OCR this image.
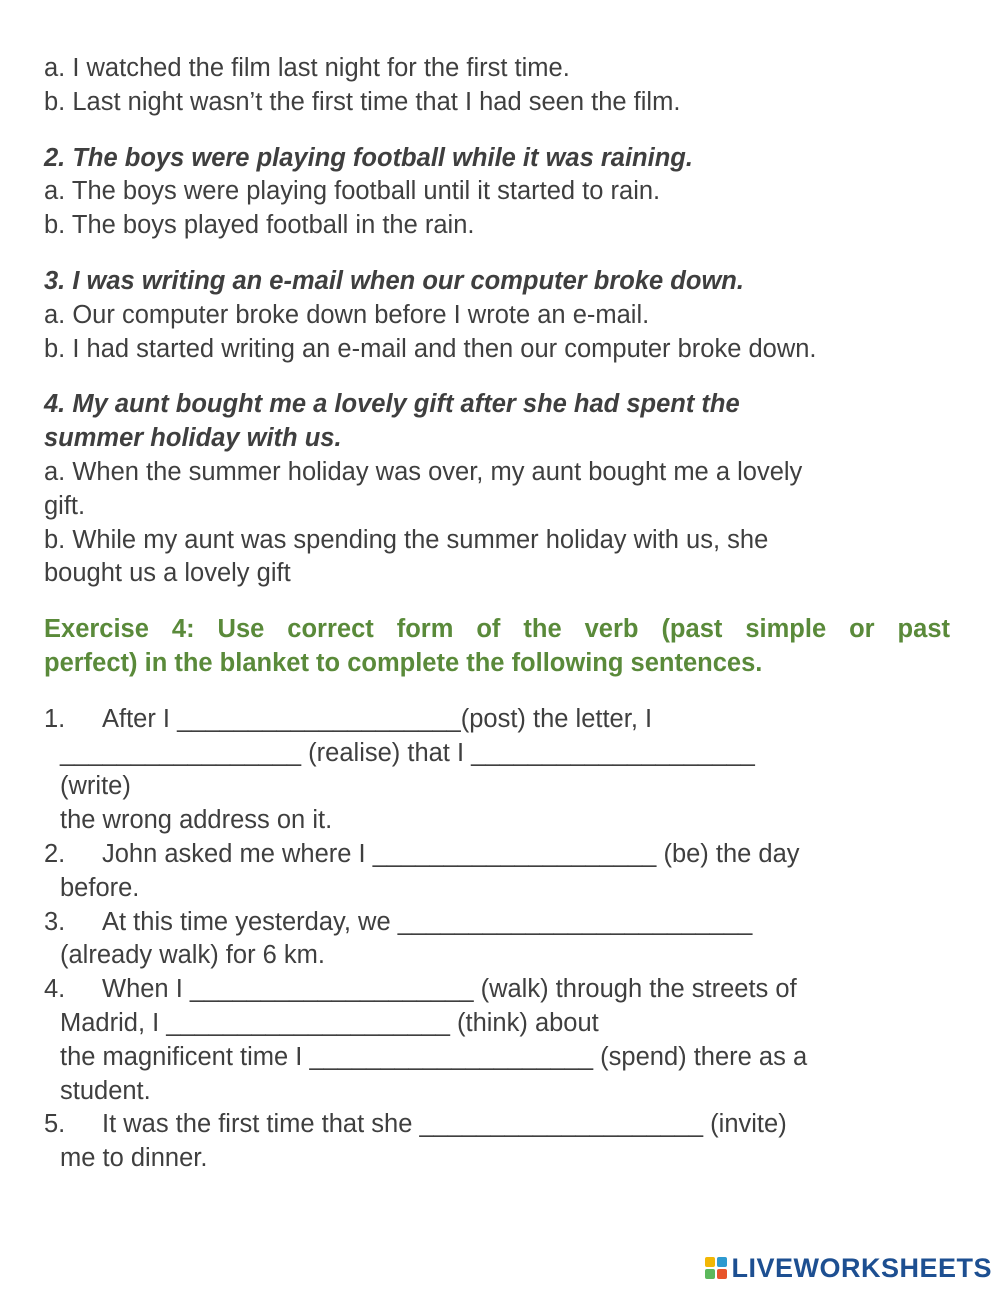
a. I watched the film last night for the first time.
b. Last night wasn’t the first time that I had seen the film.
2. The boys were playing football while it was raining.
a. The boys were playing football until it started to rain.
b. The boys played football in the rain.
3. I was writing an e-mail when our computer broke down.
a. Our computer broke down before I wrote an e-mail.
b. I had started writing an e-mail and then our computer broke down.
4. My aunt bought me a lovely gift after she had spent the
summer holiday with us.
a. When the summer holiday was over, my aunt bought me a lovely
gift.
b. While my aunt was spending the summer holiday with us, she
bought us a lovely gift
Exercise 4: Use correct form of the verb (past simple or past
perfect) in the blanket to complete the following sentences.
1. After I ____________________(post) the letter, I
_________________ (realise) that I ____________________
(write)
the wrong address on it.
2. John asked me where I ____________________ (be) the day
before.
3. At this time yesterday, we _________________________
(already walk) for 6 km.
4. When I ____________________ (walk) through the streets of
Madrid, I ____________________ (think) about
the magnificent time I ____________________ (spend) there as a
student.
5. It was the first time that she ____________________ (invite)
me to dinner.
LIVEWORKSHEETS
